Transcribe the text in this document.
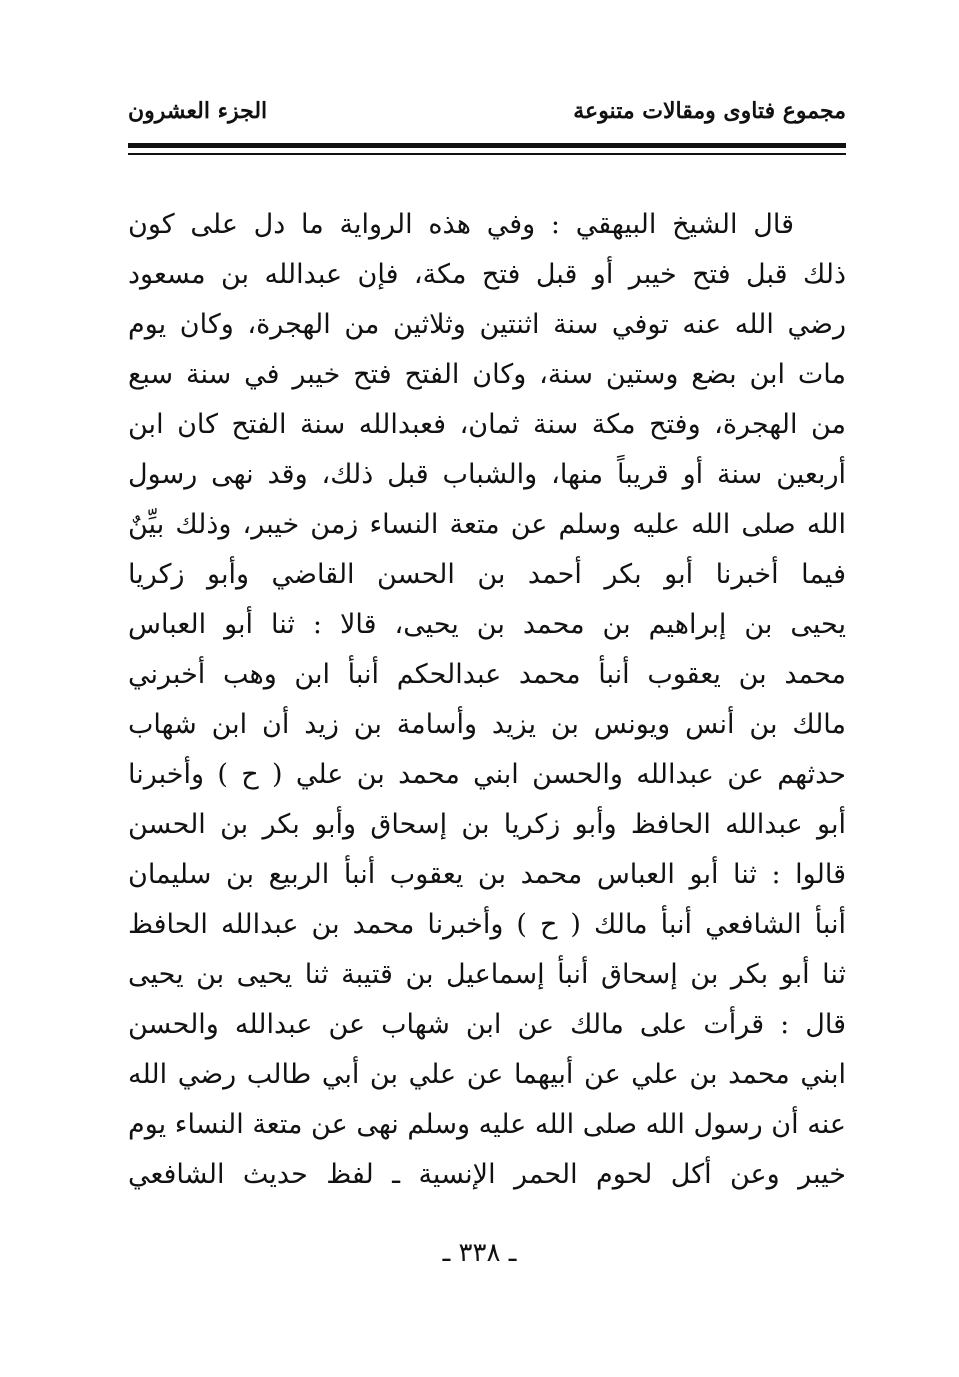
مجموع فتاوى ومقالات متنوعة
الجزء العشرون
قال الشيخ البيهقي : وفي هذه الرواية ما دل على كون
ذلك قبل فتح خيبر أو قبل فتح مكة، فإن عبدالله بن مسعود
رضي الله عنه توفي سنة اثنتين وثلاثين من الهجرة، وكان يوم
مات ابن بضع وستين سنة، وكان الفتح فتح خيبر في سنة سبع
من الهجرة، وفتح مكة سنة ثمان، فعبدالله سنة الفتح كان ابن
أربعين سنة أو قريباً منها، والشباب قبل ذلك، وقد نهى رسول
الله صلى الله عليه وسلم عن متعة النساء زمن خيبر، وذلك بيِّنٌ
فيما أخبرنا أبو بكر أحمد بن الحسن القاضي وأبو زكريا
يحيى بن إبراهيم بن محمد بن يحيى، قالا : ثنا أبو العباس
محمد بن يعقوب أنبأ محمد عبدالحكم أنبأ ابن وهب أخبرني
مالك بن أنس ويونس بن يزيد وأسامة بن زيد أن ابن شهاب
حدثهم عن عبدالله والحسن ابني محمد بن علي ( ح ) وأخبرنا
أبو عبدالله الحافظ وأبو زكريا بن إسحاق وأبو بكر بن الحسن
قالوا : ثنا أبو العباس محمد بن يعقوب أنبأ الربيع بن سليمان
أنبأ الشافعي أنبأ مالك ( ح ) وأخبرنا محمد بن عبدالله الحافظ
ثنا أبو بكر بن إسحاق أنبأ إسماعيل بن قتيبة ثنا يحيى بن يحيى
قال : قرأت على مالك عن ابن شهاب عن عبدالله والحسن
ابني محمد بن علي عن أبيهما عن علي بن أبي طالب رضي الله
عنه أن رسول الله صلى الله عليه وسلم نهى عن متعة النساء يوم
خيبر وعن أكل لحوم الحمر الإنسية ـ لفظ حديث الشافعي
ـ ٣٣٨ ـ
